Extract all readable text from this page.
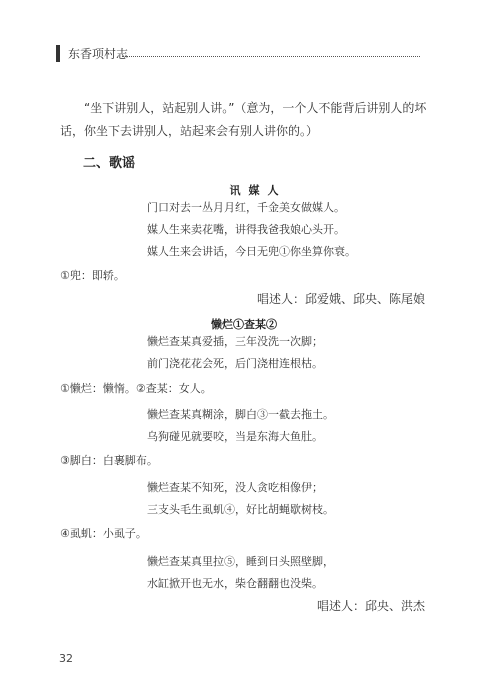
东香项村志
“坐下讲别人，站起别人讲。”（意为，一个人不能背后讲别人的坏话，你坐下去讲别人，站起来会有别人讲你的。）
二、歌谣
讯媒人
门口对去一丛月月红，千金美女做媒人。
媒人生来卖花嘴，讲得我爸我娘心头开。
媒人生来会讲话，今日无兜①你坐算你衰。
①兜：即轿。
唱述人：邱爱娥、邱央、陈尾娘
懒烂①查某②
懒烂查某真爱插，三年没洗一次脚；
前门浇花花会死，后门浇柑连根枯。
①懒烂：懒惰。②查某：女人。
懒烂查某真糊涂，脚白③一截去拖土。
乌狗碰见就要咬，当是东海大鱼肚。
③脚白：白裹脚布。
懒烂查某不知死，没人贪吃相像伊；
三支头毛生虱虮④，好比胡蝇歇树枝。
④虱虮：小虱子。
懒烂查某真里拉⑤，睡到日头照壁脚，
水缸掀开也无水，柴仓翻翻也没柴。
唱述人：邱央、洪杰
32
